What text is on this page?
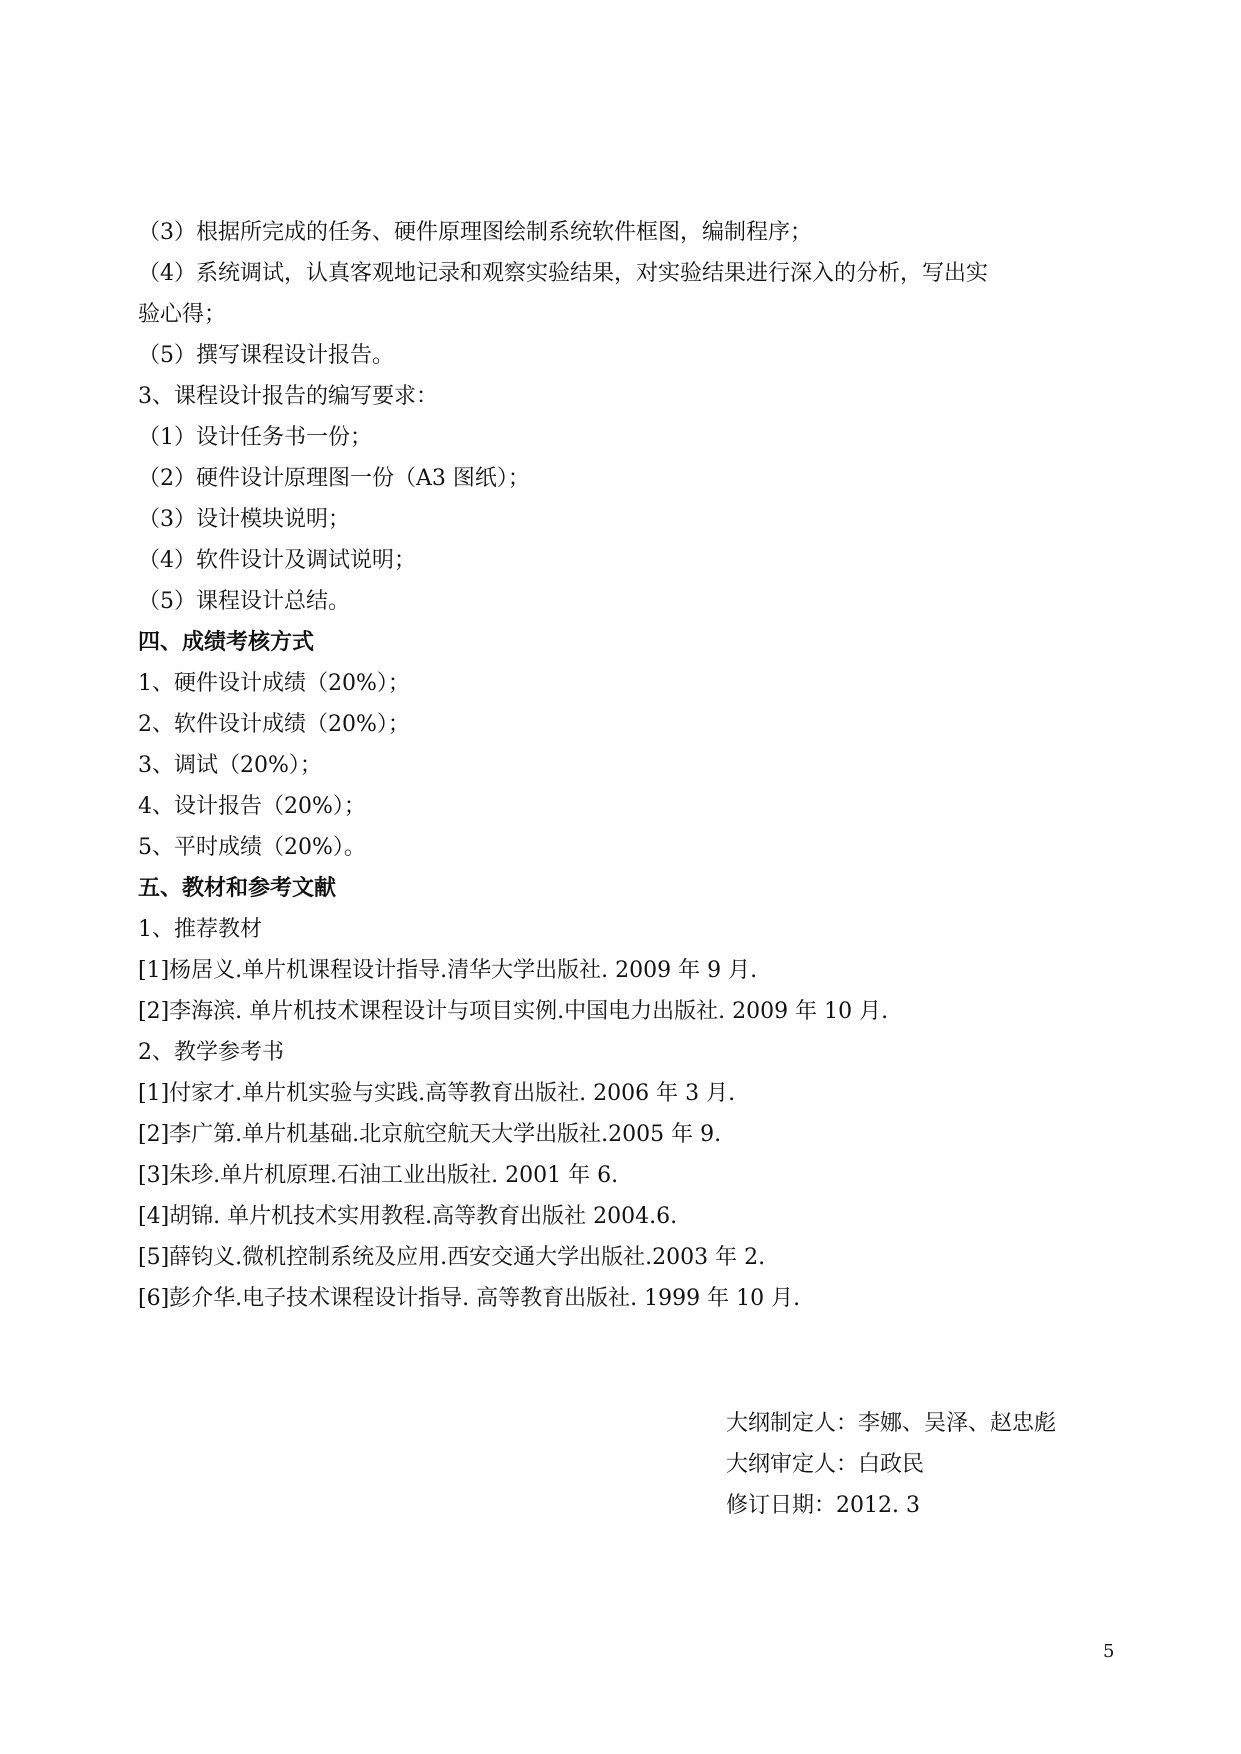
（3）根据所完成的任务、硬件原理图绘制系统软件框图，编制程序；
（4）系统调试，认真客观地记录和观察实验结果，对实验结果进行深入的分析，写出实
验心得；
（5）撰写课程设计报告。
3、课程设计报告的编写要求：
（1）设计任务书一份；
（2）硬件设计原理图一份（A3 图纸）；
（3）设计模块说明；
（4）软件设计及调试说明；
（5）课程设计总结。
四、成绩考核方式
1、硬件设计成绩（20%）；
2、软件设计成绩（20%）；
3、调试（20%）；
4、设计报告（20%）；
5、平时成绩（20%）。
五、教材和参考文献
1、推荐教材
[1]杨居义.单片机课程设计指导.清华大学出版社. 2009 年 9 月.
[2]李海滨. 单片机技术课程设计与项目实例.中国电力出版社. 2009 年 10 月.
2、教学参考书
[1]付家才.单片机实验与实践.高等教育出版社. 2006 年 3 月.
[2]李广第.单片机基础.北京航空航天大学出版社.2005 年 9.
[3]朱珍.单片机原理.石油工业出版社. 2001 年 6.
[4]胡锦. 单片机技术实用教程.高等教育出版社 2004.6.
[5]薛钧义.微机控制系统及应用.西安交通大学出版社.2003 年 2.
[6]彭介华.电子技术课程设计指导. 高等教育出版社. 1999 年 10 月.
大纲制定人：李娜、吴泽、赵忠彪
大纲审定人：白政民
修订日期：2012. 3
5
